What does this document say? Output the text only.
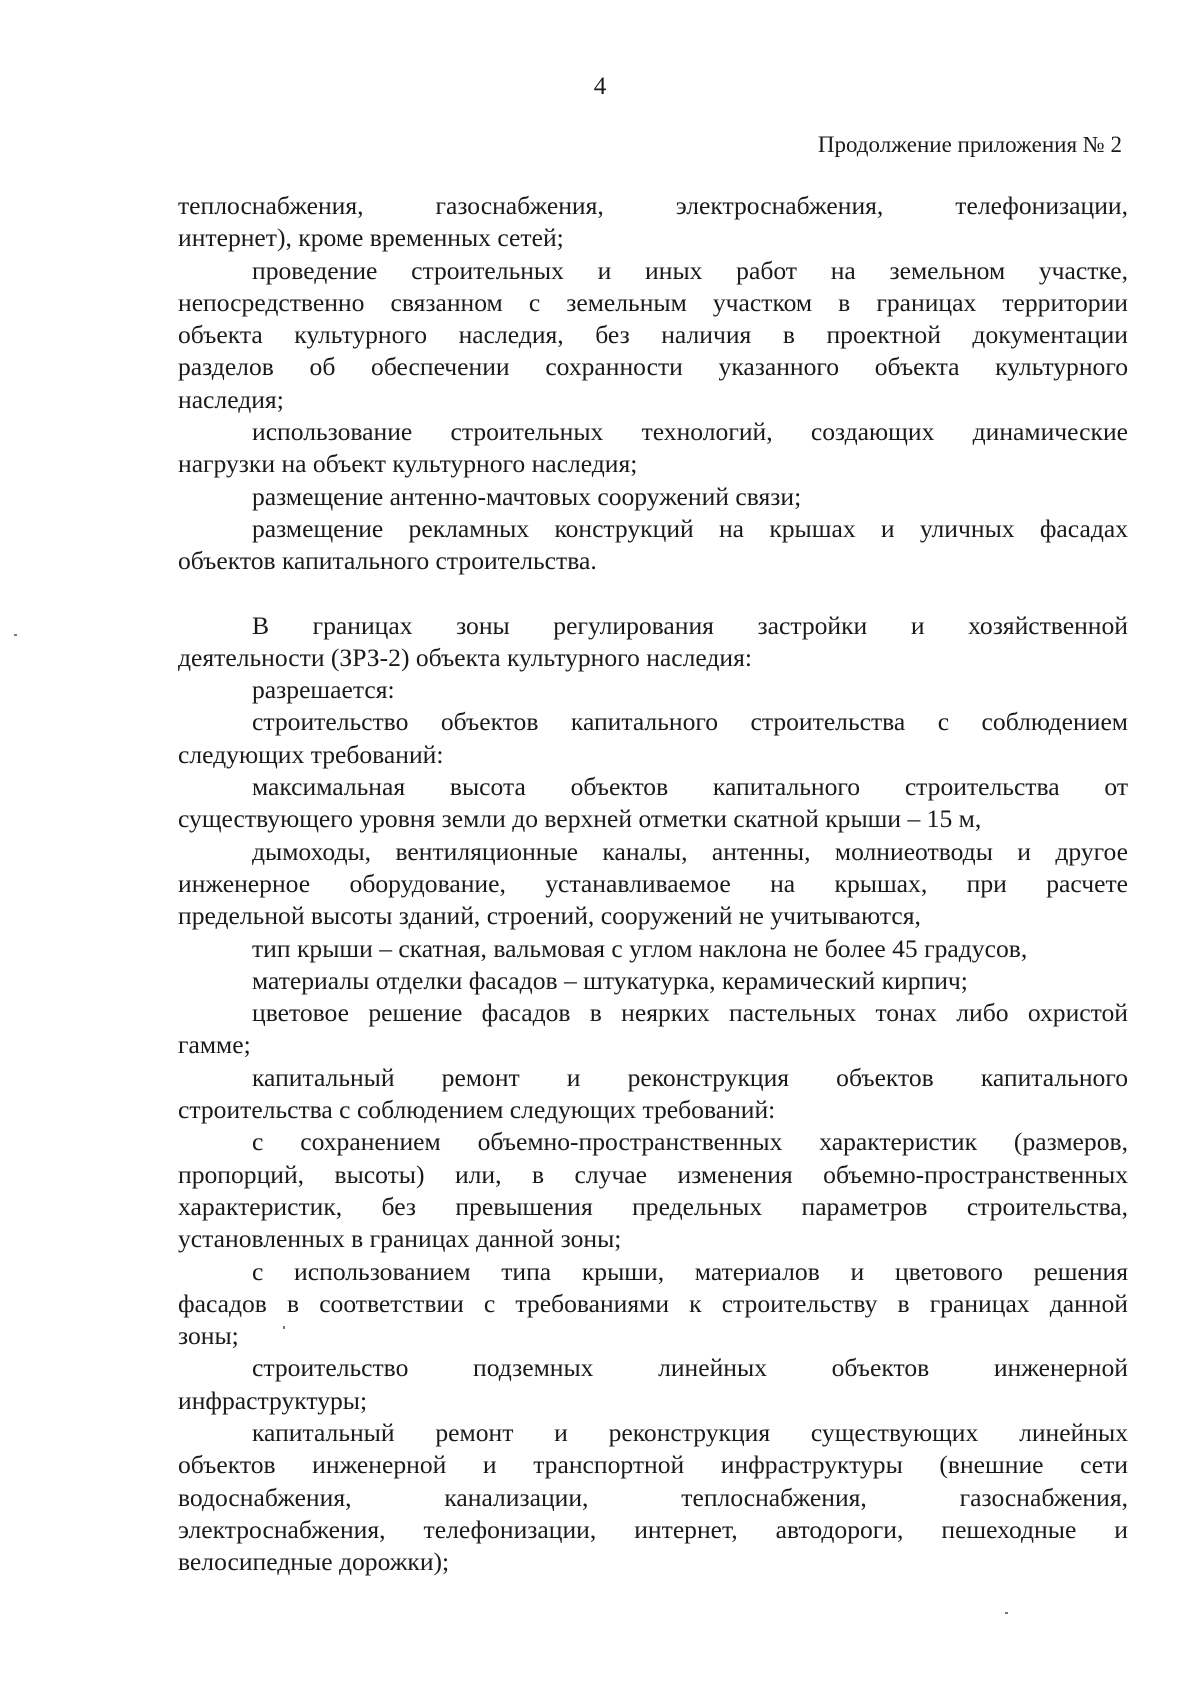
4
Продолжение приложения № 2
теплоснабжения, газоснабжения, электроснабжения, телефонизации,
интернет), кроме временных сетей;
проведение строительных и иных работ на земельном участке,
непосредственно связанном с земельным участком в границах территории
объекта культурного наследия, без наличия в проектной документации
разделов об обеспечении сохранности указанного объекта культурного
наследия;
использование строительных технологий, создающих динамические
нагрузки на объект культурного наследия;
размещение антенно-мачтовых сооружений связи;
размещение рекламных конструкций на крышах и уличных фасадах
объектов капитального строительства.
В границах зоны регулирования застройки и хозяйственной
деятельности (ЗРЗ-2) объекта культурного наследия:
разрешается:
строительство объектов капитального строительства с соблюдением
следующих требований:
максимальная высота объектов капитального строительства от
существующего уровня земли до верхней отметки скатной крыши – 15 м,
дымоходы, вентиляционные каналы, антенны, молниеотводы и другое
инженерное оборудование, устанавливаемое на крышах, при расчете
предельной высоты зданий, строений, сооружений не учитываются,
тип крыши – скатная, вальмовая с углом наклона не более 45 градусов,
материалы отделки фасадов – штукатурка, керамический кирпич;
цветовое решение фасадов в неярких пастельных тонах либо охристой
гамме;
капитальный ремонт и реконструкция объектов капитального
строительства с соблюдением следующих требований:
с сохранением объемно-пространственных характеристик (размеров,
пропорций, высоты) или, в случае изменения объемно-пространственных
характеристик, без превышения предельных параметров строительства,
установленных в границах данной зоны;
с использованием типа крыши, материалов и цветового решения
фасадов в соответствии с требованиями к строительству в границах данной
зоны;
строительство подземных линейных объектов инженерной
инфраструктуры;
капитальный ремонт и реконструкция существующих линейных
объектов инженерной и транспортной инфраструктуры (внешние сети
водоснабжения, канализации, теплоснабжения, газоснабжения,
электроснабжения, телефонизации, интернет, автодороги, пешеходные и
велосипедные дорожки);
